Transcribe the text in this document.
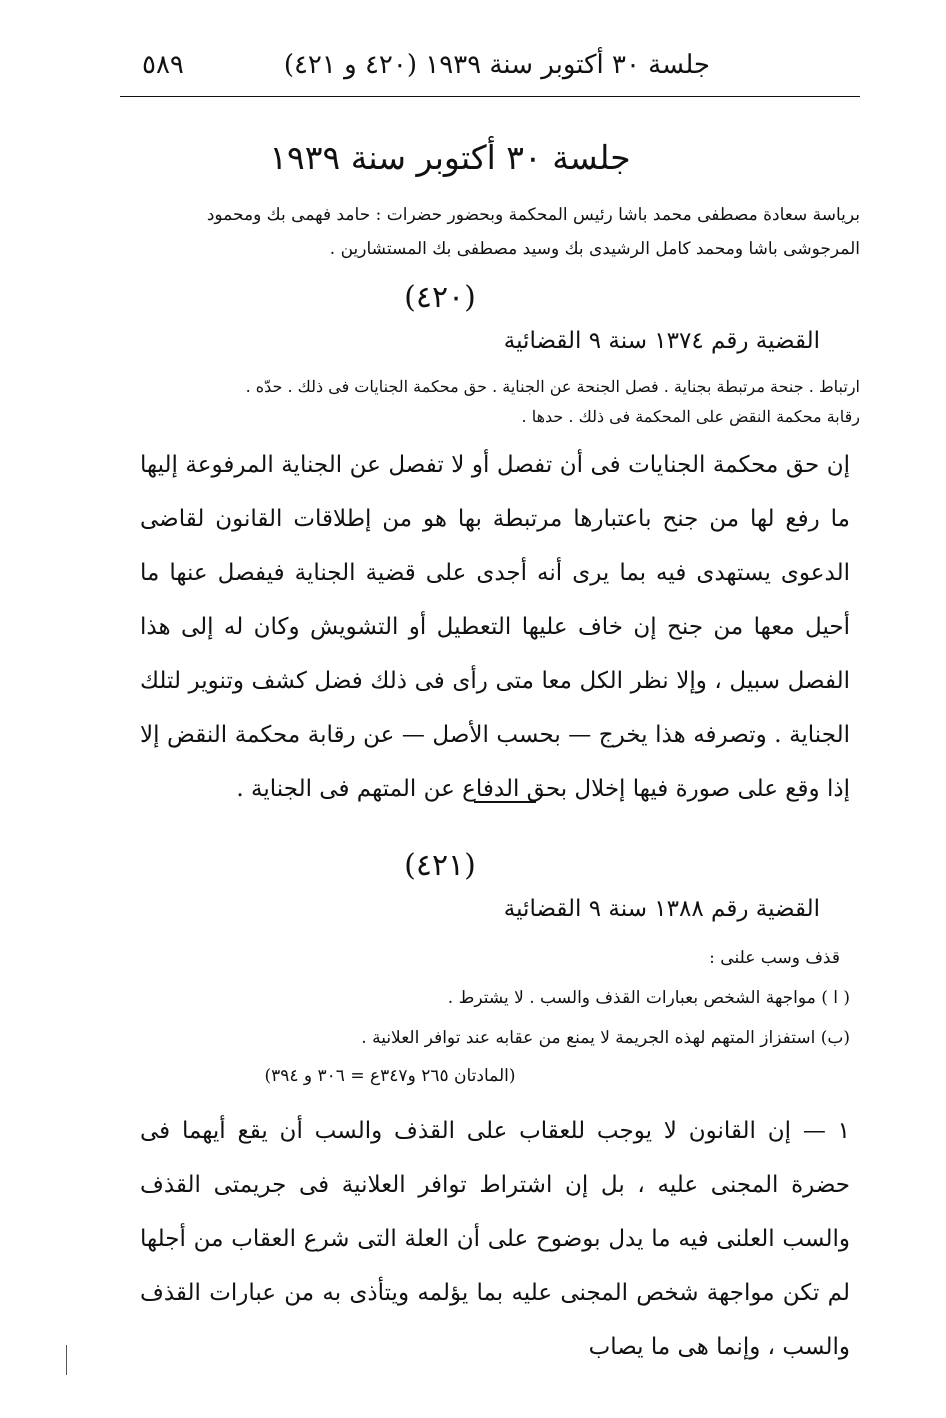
٥٨٩	جلسة ٣٠ أكتوبر سنة ١٩٣٩ (٤٢٠ و ٤٢١)
جلسة ٣٠ أكتوبر سنة ١٩٣٩
برياسة سعادة مصطفى محمد باشا رئيس المحكمة وبحضور حضرات : حامد فهمى بك ومحمود
المرجوشى باشا ومحمد كامل الرشيدى بك وسيد مصطفى بك المستشارين .
(٤٢٠)
القضية رقم ١٣٧٤ سنة ٩ القضائية
ارتباط . جنحة مرتبطة بجناية . فصل الجنحة عن الجناية . حق محكمة الجنايات فى ذلك . حدّه .
رقابة محكمة النقض على المحكمة فى ذلك . حدها .

إن حق محكمة الجنايات فى أن تفصل أو لا تفصل عن الجناية المرفوعة إليها ما رفع لها من جنح باعتبارها مرتبطة بها هو من إطلاقات القانون لقاضى الدعوى يستهدى فيه بما يرى أنه أجدى على قضية الجناية فيفصل عنها ما أحيل معها من جنح إن خاف عليها التعطيل أو التشويش وكان له إلى هذا الفصل سبيل ، وإلا نظر الكل معا متى رأى فى ذلك فضل كشف وتنوير لتلك الجناية . وتصرفه هذا يخرج — بحسب الأصل — عن رقابة محكمة النقض إلا إذا وقع على صورة فيها إخلال بحق الدفاع عن المتهم فى الجناية .

(٤٢١)
القضية رقم ١٣٨٨ سنة ٩ القضائية
قذف وسب علنى :
( ا ) مواجهة الشخص بعبارات القذف والسب . لا يشترط .
(ب) استفزاز المتهم لهذه الجريمة لا يمنع من عقابه عند توافر العلانية .
(المادتان ٢٦٥ و٣٤٧ع = ٣٠٦ و ٣٩٤)

١ — إن القانون لا يوجب للعقاب على القذف والسب أن يقع أيهما فى حضرة المجنى عليه ، بل إن اشتراط توافر العلانية فى جريمتى القذف والسب العلنى فيه ما يدل بوضوح على أن العلة التى شرع العقاب من أجلها لم تكن مواجهة شخص المجنى عليه بما يؤلمه ويتأذى به من عبارات القذف والسب ، وإنما هى ما يصاب
